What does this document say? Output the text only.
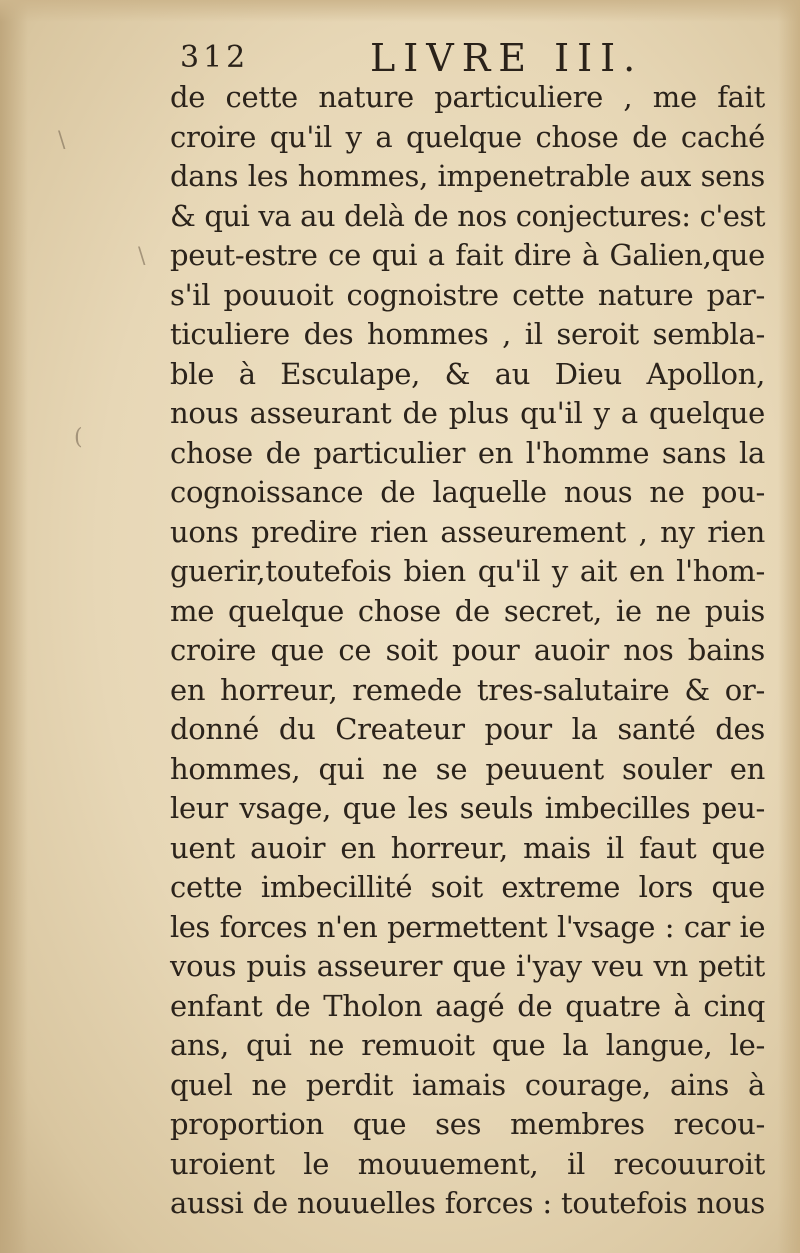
\
\
(
312	LIVRE III.
de cette nature particuliere , me fait
croire qu'il y a quelque chose de caché
dans les hommes, impenetrable aux sens
& qui va au delà de nos conjectures: c'est
peut-estre ce qui a fait dire à Galien,que
s'il pouuoit cognoistre cette nature par-
ticuliere des hommes , il seroit sembla-
ble à Esculape, & au Dieu Apollon,
nous asseurant de plus qu'il y a quelque
chose de particulier en l'homme sans la
cognoissance de laquelle nous ne pou-
uons predire rien asseurement , ny rien
guerir,toutefois bien qu'il y ait en l'hom-
me quelque chose de secret, ie ne puis
croire que ce soit pour auoir nos bains
en horreur, remede tres-salutaire & or-
donné du Createur pour la santé des
hommes, qui ne se peuuent souler en
leur vsage, que les seuls imbecilles peu-
uent auoir en horreur, mais il faut que
cette imbecillité soit extreme lors que
les forces n'en permettent l'vsage : car ie
vous puis asseurer que i'yay veu vn petit
enfant de Tholon aagé de quatre à cinq
ans, qui ne remuoit que la langue, le-
quel ne perdit iamais courage, ains à
proportion que ses membres recou-
uroient le mouuement, il recouuroit
aussi de nouuelles forces : toutefois nous
